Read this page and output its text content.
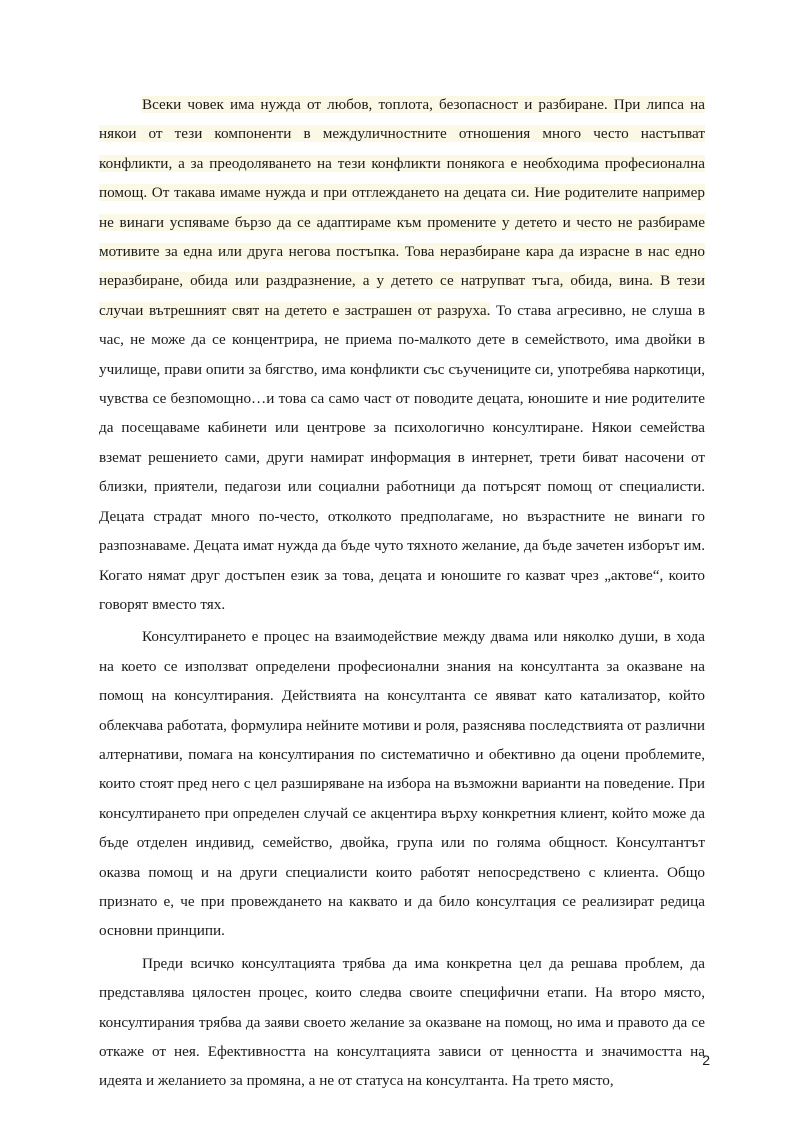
Всеки човек има нужда от любов, топлота, безопасност и разбиране. При липса на някои от тези компоненти в междуличностните отношения много често настъпват конфликти, а за преодоляването на тези конфликти понякога е необходима професионална помощ. От такава имаме нужда и при отглеждането на децата си. Ние родителите например не винаги успяваме бързо да се адаптираме към промените у детето и често не разбираме мотивите за една или друга негова постъпка. Това неразбиране кара да израсне в нас едно неразбиране, обида или раздразнение, а у детето се натрупват тъга, обида, вина. В тези случаи вътрешният свят на детето е застрашен от разруха. То става агресивно, не слуша в час, не може да се концентрира, не приема по-малкото дете в семейството, има двойки в училище, прави опити за бягство, има конфликти със съучениците си, употребява наркотици, чувства се безпомощно…и това са само част от поводите децата, юношите и ние родителите да посещаваме кабинети или центрове за психологично консултиране. Някои семейства вземат решението сами, други намират информация в интернет, трети биват насочени от близки, приятели, педагози или социални работници да потърсят помощ от специалисти. Децата страдат много по-често, отколкото предполагаме, но възрастните не винаги го разпознаваме. Децата имат нужда да бъде чуто тяхното желание, да бъде зачетен изборът им. Когато нямат друг достъпен език за това, децата и юношите го казват чрез „актове“, които говорят вместо тях.

Консултирането е процес на взаимодействие между двама или няколко души, в хода на което се използват определени професионални знания на консултанта за оказване на помощ на консултирания. Действията на консултанта се явяват като катализатор, който облекчава работата, формулира нейните мотиви и роля, разяснява последствията от различни алтернативи, помага на консултирания по систематично и обективно да оцени проблемите, които стоят пред него с цел разширяване на избора на възможни варианти на поведение. При консултирането при определен случай се акцентира върху конкретния клиент, който може да бъде отделен индивид, семейство, двойка, група или по голяма общност. Консултантът оказва помощ и на други специалисти които работят непосредствено с клиента. Общо признато е, че при провеждането на каквато и да било консултация се реализират редица основни принципи.

Преди всичко консултацията трябва да има конкретна цел да решава проблем, да представлява цялостен процес, които следва своите специфични етапи. На второ място, консултирания трябва да заяви своето желание за оказване на помощ, но има и правото да се откаже от нея. Ефективността на консултацията зависи от ценността и значимостта на идеята и желанието за промяна, а не от статуса на консултанта. На трето място,

2
